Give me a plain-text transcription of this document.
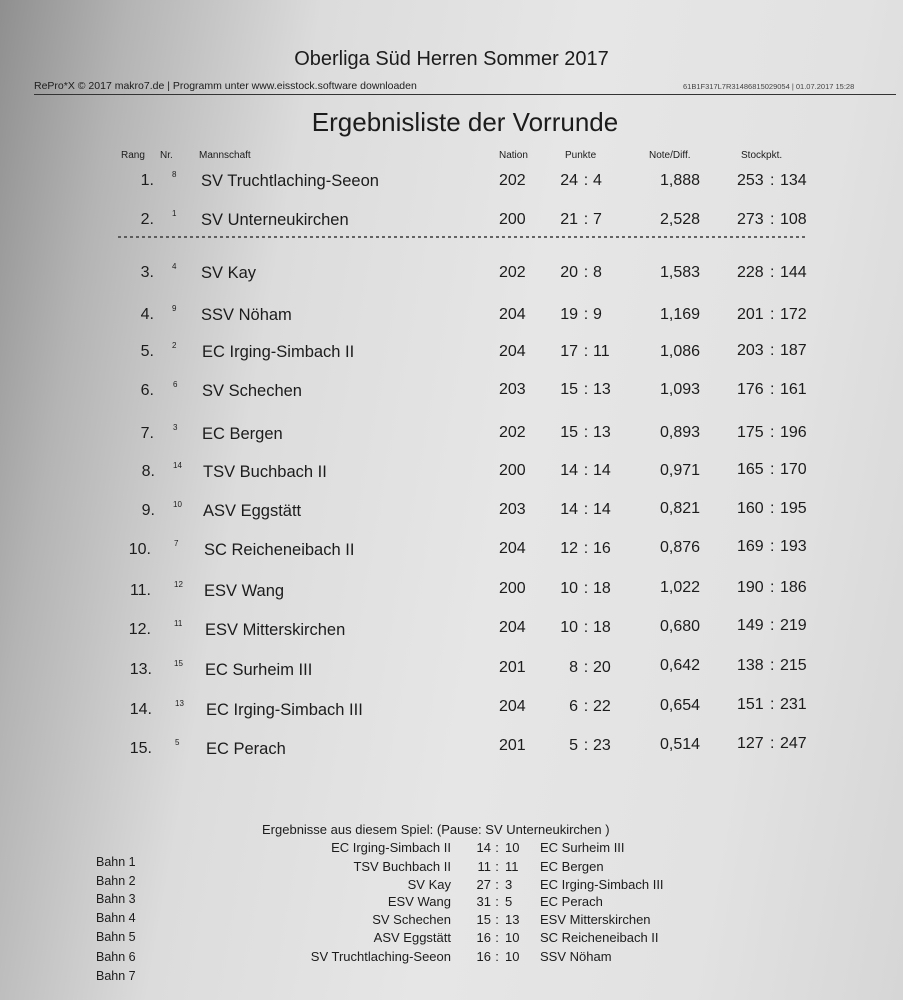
Oberliga Süd Herren Sommer 2017
RePro*X © 2017 makro7.de | Programm unter www.eisstock.software downloaden	61B1F317L7R31486815029054 | 01.07.2017 15:28
Ergebnisliste der Vorrunde
Rang Nr.	Mannschaft	Nation	Punkte	Note/Diff.	Stockpkt.
1. 8 SV Truchtlaching-Seeon	202	24 : 4	1,888 253 : 134
2. 1 SV Unterneukirchen	200	21 : 7	2,528 273 : 108
3. 4 SV Kay	202	20 : 8	1,583 228 : 144
4. 9 SSV Nöham	204	19 : 9	1,169 201 : 172
5. 2 EC Irging-Simbach II	204	17 : 11	1,086 203 : 187
6. 6 SV Schechen	203	15 : 13	1,093 176 : 161
7. 3 EC Bergen	202	15 : 13	0,893 175 : 196
8. 14 TSV Buchbach II	200	14 : 14	0,971 165 : 170
9. 10 ASV Eggstätt	203	14 : 14	0,821 160 : 195
10.	7 SC Reicheneibach II	204	12 : 16	0,876 169 : 193
11.	12 ESV Wang	200	10 : 18	1,022 190 : 186
12.	11 ESV Mitterskirchen	204	10 : 18	0,680 149 : 219
13.	15 EC Surheim III	201	8 : 20	0,642 138 : 215
14.	13 EC Irging-Simbach III	204	6 : 22	0,654 151 : 231
15.	5 EC Perach	201	5 : 23	0,514 127 : 247
Ergebnisse aus diesem Spiel: (Pause: SV Unterneukirchen )
Bahn 1
EC Irging-Simbach II	14 : 10	EC Surheim III
Bahn 2
TSV Buchbach II	11 : 11	EC Bergen
Bahn 3
SV Kay	27 : 3	EC Irging-Simbach III
Bahn 4
ESV Wang	31 : 5	EC Perach
Bahn 5
SV Schechen	15 : 13	ESV Mitterskirchen
Bahn 6
ASV Eggstätt	16 : 10	SC Reicheneibach II
Bahn 7
SV Truchtlaching-Seeon	16 : 10	SSV Nöham
